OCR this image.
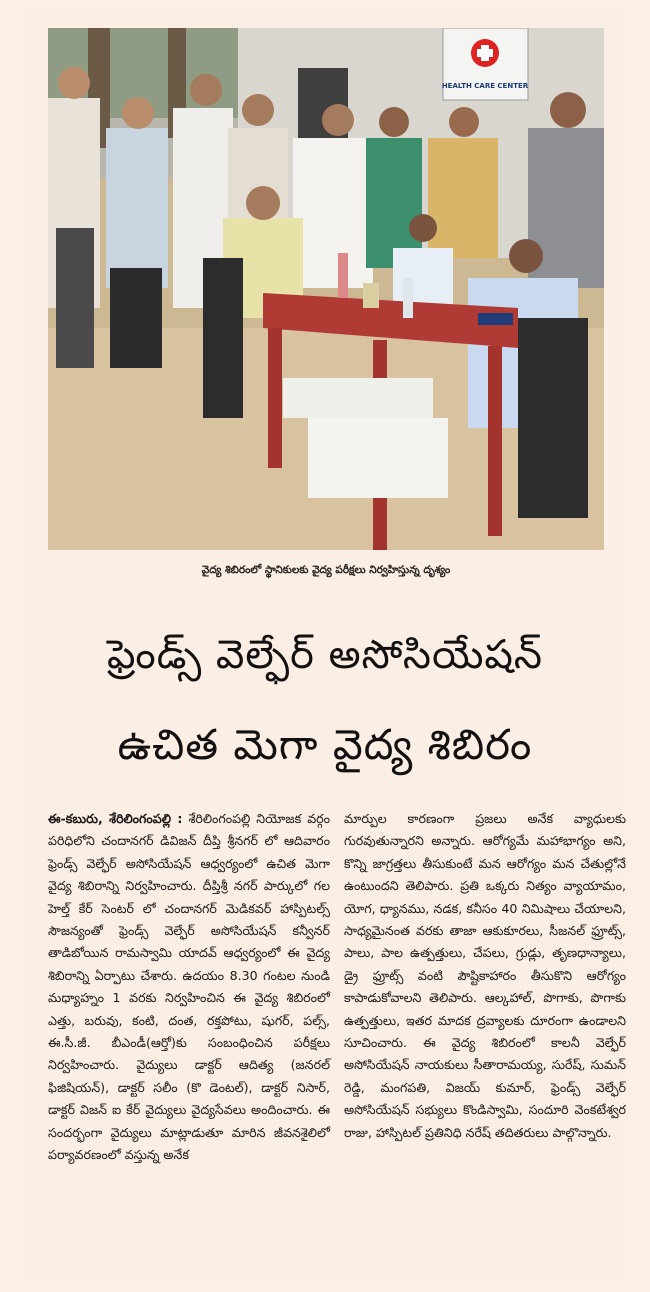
HEALTH CARE CENTER
వైద్య శిబిరంలో స్థానికులకు వైద్య పరీక్షలు నిర్వహిస్తున్న దృశ్యం
ఫ్రెండ్స్ వెల్ఫేర్ అసోసియేషన్
ఉచిత మెగా వైద్య శిబిరం

ఈ-కబురు, శేరిలింగంపల్లి : శేరిలింగంపల్లి నియోజక వర్గం పరిధిలోని చందానగర్ డివిజన్ దీప్తి శ్రీనగర్ లో ఆదివారం ఫ్రెండ్స్ వెల్ఫేర్ అసోసియేషన్ ఆధ్వర్యంలో ఉచిత మెగా వైద్య శిబిరాన్ని నిర్వహించారు. దీప్తిశ్రీ నగర్ పార్కులో గల హెల్త్ కేర్ సెంటర్ లో చందానగర్ మెడికవర్ హాస్పిటల్స్ సౌజన్యంతో ఫ్రెండ్స్ వెల్ఫేర్ అసోసియేషన్ కన్వీనర్ తాడిబోయిన రామస్వామి యాదవ్ ఆధ్వర్యంలో ఈ వైద్య శిబిరాన్ని ఏర్పాటు చేశారు. ఉదయం 8.30 గంటల నుండి మధ్యాహ్నం 1 వరకు నిర్వహించిన ఈ వైద్య శిబిరంలో ఎత్తు, బరువు, కంటి, దంత, రక్తపోటు, షుగర్, పల్స్, ఈ.సీ.జీ. బీఎండీ(ఆర్తో)కు సంబంధించిన పరీక్షలు నిర్వహించారు. వైద్యులు డాక్టర్ ఆదిత్య (జనరల్ ఫిజిషియన్), డాక్టర్ సలీం (కొ డెంటల్), డాక్టర్ నిసార్, డాక్టర్ విజన్ ఐ కేర్ వైద్యులు వైద్యసేవలు అందించారు. ఈ సందర్భంగా వైద్యులు మాట్లాడుతూ మారిన జీవనశైలిలో పర్యావరణంలో వస్తున్న అనేక

మార్పుల కారణంగా ప్రజలు అనేక వ్యాధులకు గురవుతున్నారని అన్నారు. ఆరోగ్యమే మహాభాగ్యం అని, కొన్ని జాగ్రత్తలు తీసుకుంటే మన ఆరోగ్యం మన చేతుల్లోనే ఉంటుందని తెలిపారు. ప్రతి ఒక్కరు నిత్యం వ్యాయామం, యోగ, ధ్యానము, నడక, కనీసం 40 నిమిషాలు చేయాలని, సాధ్యమైనంత వరకు తాజా ఆకుకూరలు, సీజనల్ ఫ్రూట్స్, పాలు, పాల ఉత్పత్తులు, చేపలు, గ్రుడ్లు, తృణధాన్యాలు, డ్రై ఫ్రూట్స్ వంటి పౌష్టికాహారం తీసుకొని ఆరోగ్యం కాపాడుకోవాలని తెలిపారు. ఆల్కహాల్, పొగాకు, పొగాకు ఉత్పత్తులు, ఇతర మాదక ద్రవ్యాలకు దూరంగా ఉండాలని సూచించారు. ఈ వైద్య శిబిరంలో కాలనీ వెల్ఫేర్ అసోసియేషన్ నాయకులు సీతారామయ్య, సురేష్, సుమన్ రెడ్డి, మంగపతి, విజయ్ కుమార్, ఫ్రెండ్స్ వెల్ఫేర్ అసోసియేషన్ సభ్యులు కొండిస్వామి, సందూరి వెంకటేశ్వర రాజు, హాస్పిటల్ ప్రతినిధి నరేష్ తదితరులు పాల్గొన్నారు.
